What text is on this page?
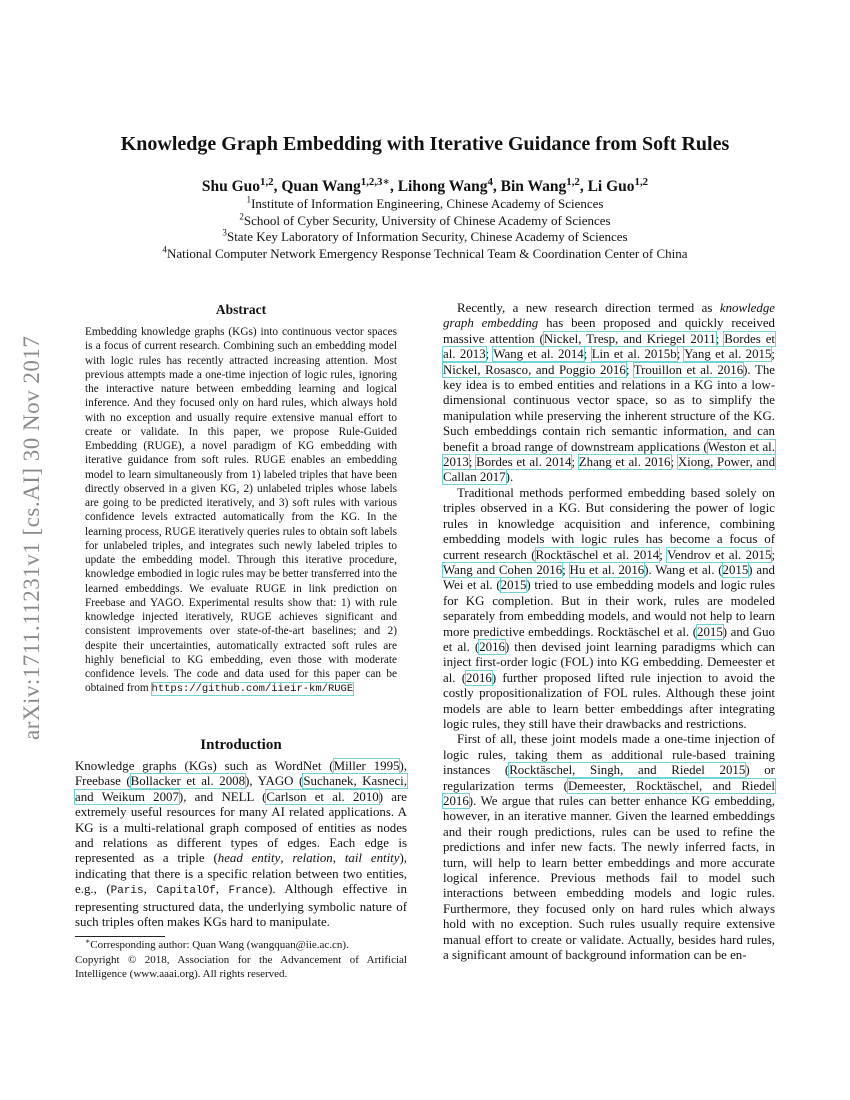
arXiv:1711.11231v1 [cs.AI] 30 Nov 2017
Knowledge Graph Embedding with Iterative Guidance from Soft Rules
Shu Guo$^{1,2}$, Quan Wang$^{1,2,3∗}$, Lihong Wang$^4$, Bin Wang$^{1,2}$, Li Guo$^{1,2}$
$^1$Institute of Information Engineering, Chinese Academy of Sciences
$^2$School of Cyber Security, University of Chinese Academy of Sciences
$^3$State Key Laboratory of Information Security, Chinese Academy of Sciences
$^4$National Computer Network Emergency Response Technical Team & Coordination Center of China
Abstract

Embedding knowledge graphs (KGs) into continuous vector spaces is a focus of current research. Combining such an embedding model with logic rules has recently attracted increasing attention. Most previous attempts made a one-time injection of logic rules, ignoring the interactive nature between embedding learning and logical inference. And they focused only on hard rules, which always hold with no exception and usually require extensive manual effort to create or validate. In this paper, we propose Rule-Guided Embedding (RUGE), a novel paradigm of KG embedding with iterative guidance from soft rules. RUGE enables an embedding model to learn simultaneously from 1) labeled triples that have been directly observed in a given KG, 2) unlabeled triples whose labels are going to be predicted iteratively, and 3) soft rules with various confidence levels extracted automatically from the KG. In the learning process, RUGE iteratively queries rules to obtain soft labels for unlabeled triples, and integrates such newly labeled triples to update the embedding model. Through this iterative procedure, knowledge embodied in logic rules may be better transferred into the learned embeddings. We evaluate RUGE in link prediction on Freebase and YAGO. Experimental results show that: 1) with rule knowledge injected iteratively, RUGE achieves significant and consistent improvements over state-of-the-art baselines; and 2) despite their uncertainties, automatically extracted soft rules are highly beneficial to KG embedding, even those with moderate confidence levels. The code and data used for this paper can be obtained from https://github.com/iieir-km/RUGE

Introduction

Knowledge graphs (KGs) such as WordNet (Miller 1995), Freebase (Bollacker et al. 2008), YAGO (Suchanek, Kasneci, and Weikum 2007), and NELL (Carlson et al. 2010) are extremely useful resources for many AI related applications. A KG is a multi-relational graph composed of entities as nodes and relations as different types of edges. Each edge is represented as a triple (head entity, relation, tail entity), indicating that there is a specific relation between two entities, e.g., (Paris, CapitalOf, France). Although effective in representing structured data, the underlying symbolic nature of such triples often makes KGs hard to manipulate.

∗Corresponding author: Quan Wang (wangquan@iie.ac.cn).

Copyright © 2018, Association for the Advancement of Artificial Intelligence (www.aaai.org). All rights reserved.

Recently, a new research direction termed as knowledge graph embedding has been proposed and quickly received massive attention (Nickel, Tresp, and Kriegel 2011; Bordes et al. 2013; Wang et al. 2014; Lin et al. 2015b; Yang et al. 2015; Nickel, Rosasco, and Poggio 2016; Trouillon et al. 2016). The key idea is to embed entities and relations in a KG into a low-dimensional continuous vector space, so as to simplify the manipulation while preserving the inherent structure of the KG. Such embeddings contain rich semantic information, and can benefit a broad range of downstream applications (Weston et al. 2013; Bordes et al. 2014; Zhang et al. 2016; Xiong, Power, and Callan 2017).

Traditional methods performed embedding based solely on triples observed in a KG. But considering the power of logic rules in knowledge acquisition and inference, combining embedding models with logic rules has become a focus of current research (Rocktäschel et al. 2014; Vendrov et al. 2015; Wang and Cohen 2016; Hu et al. 2016). Wang et al. (2015) and Wei et al. (2015) tried to use embedding models and logic rules for KG completion. But in their work, rules are modeled separately from embedding models, and would not help to learn more predictive embeddings. Rocktäschel et al. (2015) and Guo et al. (2016) then devised joint learning paradigms which can inject first-order logic (FOL) into KG embedding. Demeester et al. (2016) further proposed lifted rule injection to avoid the costly propositionalization of FOL rules. Although these joint models are able to learn better embeddings after integrating logic rules, they still have their drawbacks and restrictions.

First of all, these joint models made a one-time injection of logic rules, taking them as additional rule-based training instances (Rocktäschel, Singh, and Riedel 2015) or regularization terms (Demeester, Rocktäschel, and Riedel 2016). We argue that rules can better enhance KG embedding, however, in an iterative manner. Given the learned embeddings and their rough predictions, rules can be used to refine the predictions and infer new facts. The newly inferred facts, in turn, will help to learn better embeddings and more accurate logical inference. Previous methods fail to model such interactions between embedding models and logic rules. Furthermore, they focused only on hard rules which always hold with no exception. Such rules usually require extensive manual effort to create or validate. Actually, besides hard rules, a significant amount of background information can be en-
